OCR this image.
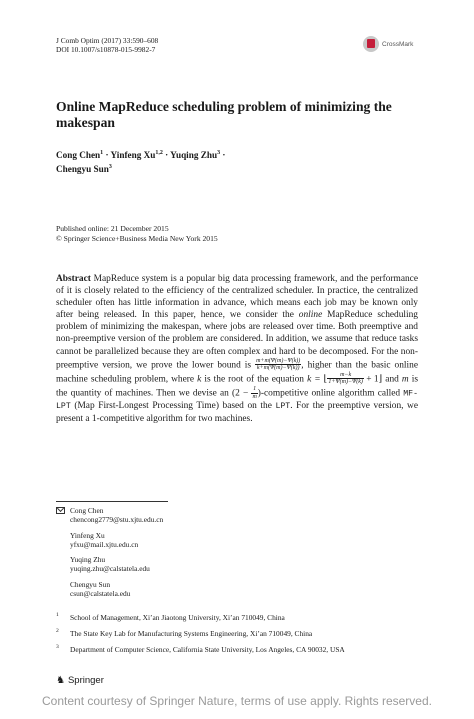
J Comb Optim (2017) 33:590–608
DOI 10.1007/s10878-015-9982-7
CrossMark
Online MapReduce scheduling problem of minimizing the makespan
Cong Chen$^1$ · Yinfeng Xu$^{1,2}$ · Yuqing Zhu$^3$ ·
Chengyu Sun$^3$
Published online: 21 December 2015
© Springer Science+Business Media New York 2015
Abstract MapReduce system is a popular big data processing framework, and the performance of it is closely related to the efficiency of the centralized scheduler. In practice, the centralized scheduler often has little information in advance, which means each job may be known only after being released. In this paper, hence, we consider the online MapReduce scheduling problem of minimizing the makespan, where jobs are released over time. Both preemptive and non-preemptive version of the problem are considered. In addition, we assume that reduce tasks cannot be parallelized because they are often complex and hard to be decomposed. For the non-preemptive version, we prove the lower bound is $\frac{m+m(\Psi(m)-\Psi(k))}{k+m(\Psi(m)-\Psi(k))}$ , higher than the basic online machine scheduling problem, where k is the root of the equation k = ⌊ $\frac{m-k}{1+\Psi(m)-\Psi(k)}$ + 1⌋ and m is the quantity of machines. Then we devise an ($2 - \frac{1}{m}$ )-competitive online algorithm called MF-LPT (Map First-Longest Processing Time) based on the LPT. For the preemptive version, we present a 1-competitive algorithm for two machines.
Cong Chen
chencong2779@stu.xjtu.edu.cn
Yinfeng Xu
yfxu@mail.xjtu.edu.cn
Yuqing Zhu
yuqing.zhu@calstatela.edu
Chengyu Sun
csun@calstatela.edu
1	School of Management, Xi’an Jiaotong University, Xi’an 710049, China
2	The State Key Lab for Manufacturing Systems Engineering, Xi’an 710049, China
3	Department of Computer Science, California State University, Los Angeles, CA 90032, USA
♞ Springer
Content courtesy of Springer Nature, terms of use apply. Rights reserved.
